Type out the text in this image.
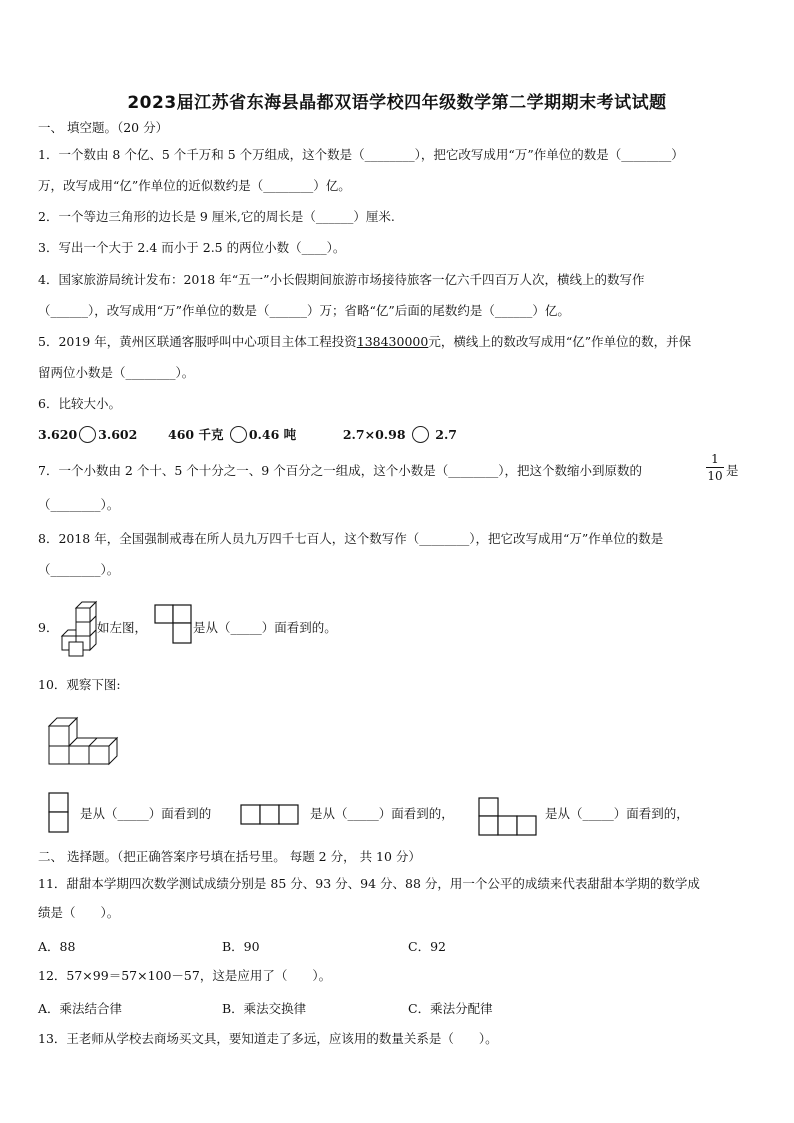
2023届江苏省东海县晶都双语学校四年级数学第二学期期末考试试题
一、 填空题。（20 分）
1．一个数由 8 个亿、5 个千万和 5 个万组成，这个数是（________），把它改写成用“万”作单位的数是（________）
万，改写成用“亿”作单位的近似数约是（________）亿。
2．一个等边三角形的边长是 9 厘米,它的周长是（______）厘米.
3．写出一个大于 2.4 而小于 2.5 的两位小数（____）。
4．国家旅游局统计发布：2018 年“五一”小长假期间旅游市场接待旅客一亿六千四百万人次，横线上的数写作
（______），改写成用“万”作单位的数是（______）万；省略“亿”后面的尾数约是（______）亿。
5．2019 年，黄州区联通客服呼叫中心项目主体工程投资138430000元，横线上的数改写成用“亿”作单位的数，并保
留两位小数是（________）。
6．比较大小。
3.620 3.602 460 千克 0.46 吨	2.7×0.98 2.7
7．一个小数由 2 个十、5 个十分之一、9 个百分之一组成，这个小数是（________），把这个数缩小到原数的
1
10 是
（________）。
8．2018 年，全国强制戒毒在所人员九万四千七百人，这个数写作（________），把它改写成用“万”作单位的数是
（________）。
9．	如左图，	是从（_____）面看到的。
10．观察下图:
是从（_____）面看到的	是从（_____）面看到的，	是从（_____）面看到的，
二、 选择题。（把正确答案序号填在括号里。 每题 2 分， 共 10 分）
11．甜甜本学期四次数学测试成绩分别是 85 分、93 分、94 分、88 分，用一个公平的成绩来代表甜甜本学期的数学成
绩是（　　）。
A．88	B．90	C．92
12．57×99＝57×100－57，这是应用了（　　）。
A．乘法结合律	B．乘法交换律	C．乘法分配律
13．王老师从学校去商场买文具，要知道走了多远，应该用的数量关系是（　　）。
